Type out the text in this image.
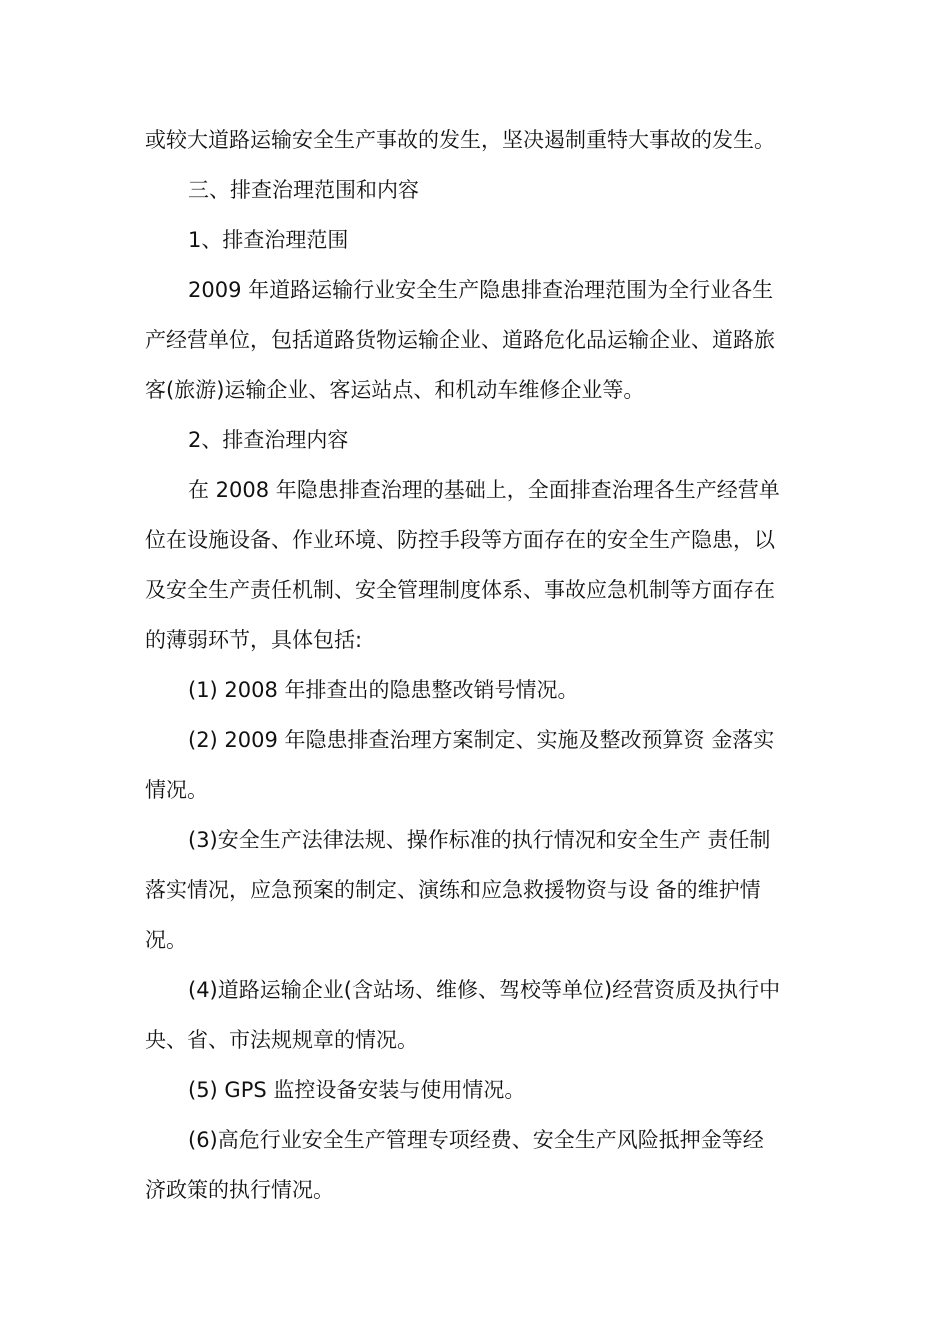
或较大道路运输安全生产事故的发生，坚决遏制重特大事故的发生。
三、排查治理范围和内容
1、排查治理范围
2009 年道路运输行业安全生产隐患排查治理范围为全行业各生
产经营单位，包括道路货物运输企业、道路危化品运输企业、道路旅
客(旅游)运输企业、客运站点、和机动车维修企业等。
2、排查治理内容
在 2008 年隐患排查治理的基础上，全面排查治理各生产经营单
位在设施设备、作业环境、防控手段等方面存在的安全生产隐患，以
及安全生产责任机制、安全管理制度体系、事故应急机制等方面存在
的薄弱环节，具体包括:
(1) 2008 年排查出的隐患整改销号情况。
(2) 2009 年隐患排查治理方案制定、实施及整改预算资 金落实
情况。
(3)安全生产法律法规、操作标准的执行情况和安全生产 责任制
落实情况，应急预案的制定、演练和应急救援物资与设 备的维护情
况。
(4)道路运输企业(含站场、维修、驾校等单位)经营资质及执行中
央、省、市法规规章的情况。
(5) GPS 监控设备安装与使用情况。
(6)高危行业安全生产管理专项经费、安全生产风险抵押金等经
济政策的执行情况。
